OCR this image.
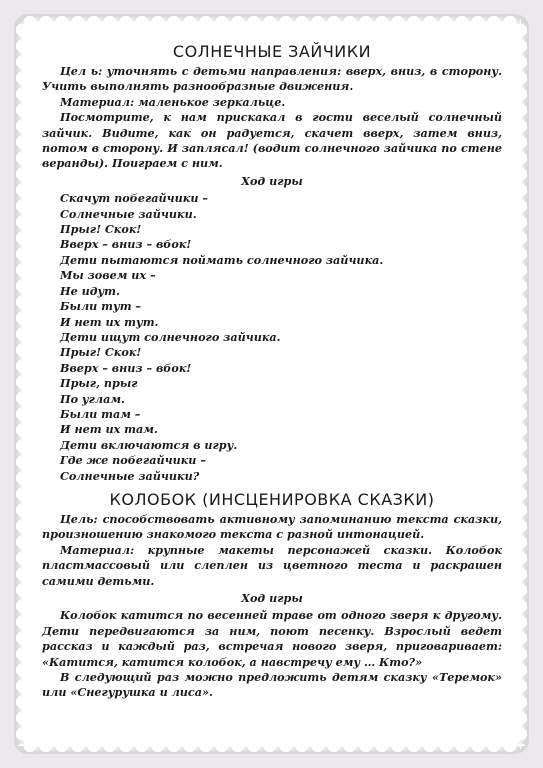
СОЛНЕЧНЫЕ ЗАЙЧИКИ

Цел ь: уточнять с детьми направления: вверх, вниз, в сторону. Учить выполнять разнообразные движения.

Материал: маленькое зеркальце.

Посмотрите, к нам прискакал в гости веселый солнечный зайчик. Видите, как он радуется, скачет вверх, затем вниз, потом в сторону. И заплясал! (водит солнечного зайчика по стене веранды). Поиграем с ним.

Ход игры
Скачут побегайчики –
Солнечные зайчики.
Прыг! Скок!
Вверх – вниз – вбок!
Дети пытаются поймать солнечного зайчика.
Мы зовем их –
Не идут.
Были тут –
И нет их тут.
Дети ищут солнечного зайчика.
Прыг! Скок!
Вверх – вниз – вбок!
Прыг, прыг
По углам.
Были там –
И нет их там.
Дети включаются в игру.
Где же побегайчики –
Солнечные зайчики?
КОЛОБОК (ИНСЦЕНИРОВКА СКАЗКИ)

Цель: способствовать активному запоминанию текста сказки, произношению знакомого текста с разной интонацией.

Материал: крупные макеты персонажей сказки. Колобок пластмассовый или слеплен из цветного теста и раскрашен самими детьми.

Ход игры

Колобок катится по весенней траве от одного зверя к другому. Дети передвигаются за ним, поют песенку. Взрослый ведет рассказ и каждый раз, встречая нового зверя, приговаривает: «Катится, катится колобок, а навстречу ему … Кто?»

В следующий раз можно предложить детям сказку «Теремок» или «Снегурушка и лиса».
